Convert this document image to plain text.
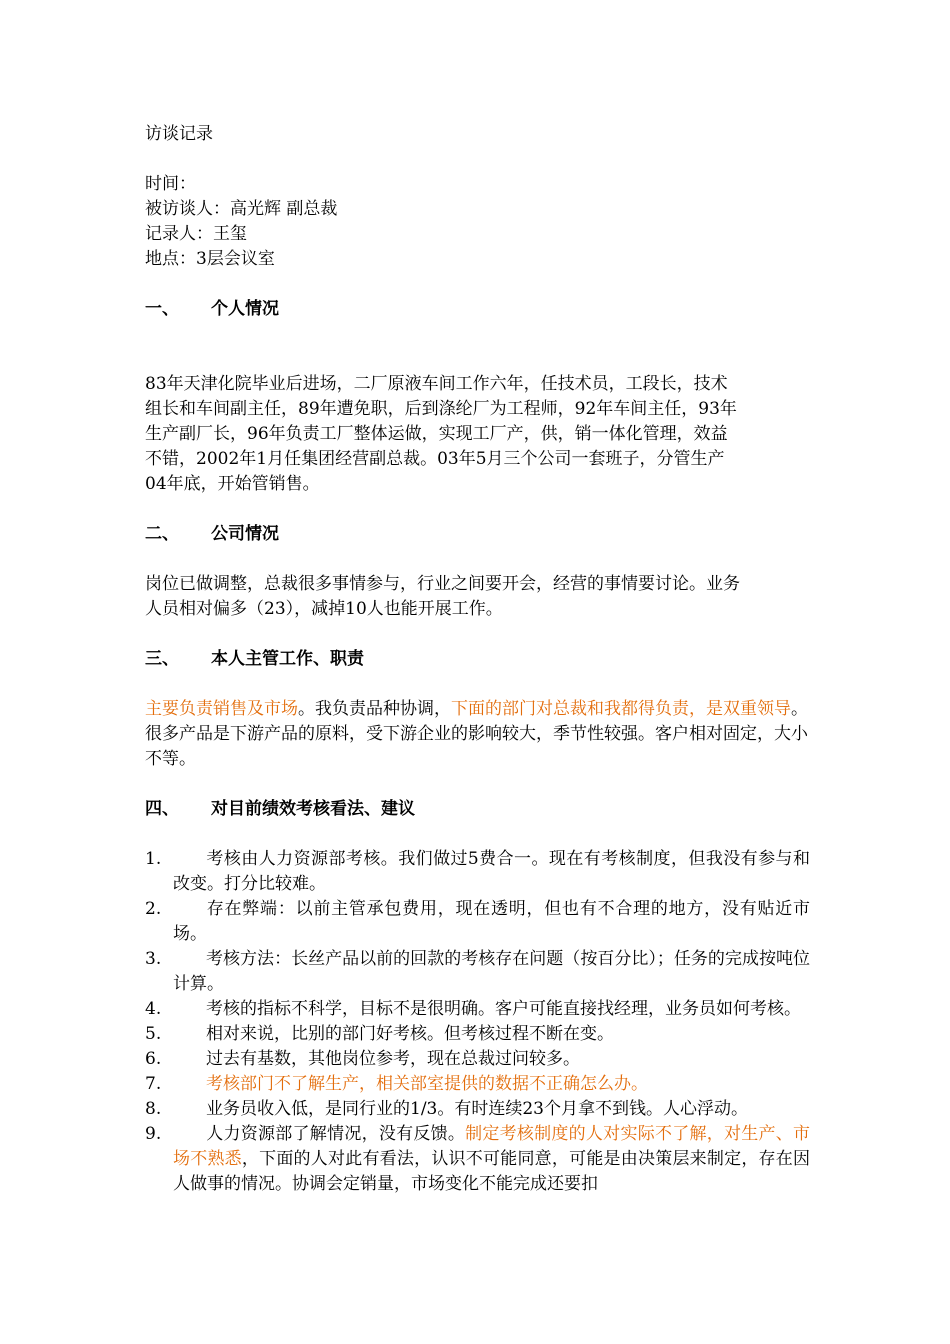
访谈记录
时间：
被访谈人：高光辉 副总裁
记录人：王玺
地点：3层会议室
一、	个人情况
83年天津化院毕业后进场，二厂原液车间工作六年，任技术员，工段长，技术
组长和车间副主任，89年遭免职，后到涤纶厂为工程师，92年车间主任，93年
生产副厂长，96年负责工厂整体运做，实现工厂产，供，销一体化管理，效益
不错，2002年1月任集团经营副总裁。03年5月三个公司一套班子，分管生产
04年底，开始管销售。
二、	公司情况
岗位已做调整，总裁很多事情参与，行业之间要开会，经营的事情要讨论。业务
人员相对偏多（23），减掉10人也能开展工作。
三、	本人主管工作、职责
主要负责销售及市场。我负责品种协调，下面的部门对总裁和我都得负责，是双重领导。很多产品是下游产品的原料，受下游企业的影响较大，季节性较强。客户相对固定，大小不等。
四、	对目前绩效考核看法、建议
1.	考核由人力资源部考核。我们做过5费合一。现在有考核制度，但我没有参与和改变。打分比较难。
2.	存在弊端：以前主管承包费用，现在透明，但也有不合理的地方，没有贴近市场。
3.	考核方法：长丝产品以前的回款的考核存在问题（按百分比）；任务的完成按吨位计算。
4.	考核的指标不科学，目标不是很明确。客户可能直接找经理，业务员如何考核。
5.	相对来说，比别的部门好考核。但考核过程不断在变。
6.	过去有基数，其他岗位参考，现在总裁过问较多。
7.	考核部门不了解生产，相关部室提供的数据不正确怎么办。
8.	业务员收入低，是同行业的1/3。有时连续23个月拿不到钱。人心浮动。
9.	人力资源部了解情况，没有反馈。制定考核制度的人对实际不了解，对生产、市场不熟悉，下面的人对此有看法，认识不可能同意，可能是由决策层来制定，存在因人做事的情况。协调会定销量，市场变化不能完成还要扣
